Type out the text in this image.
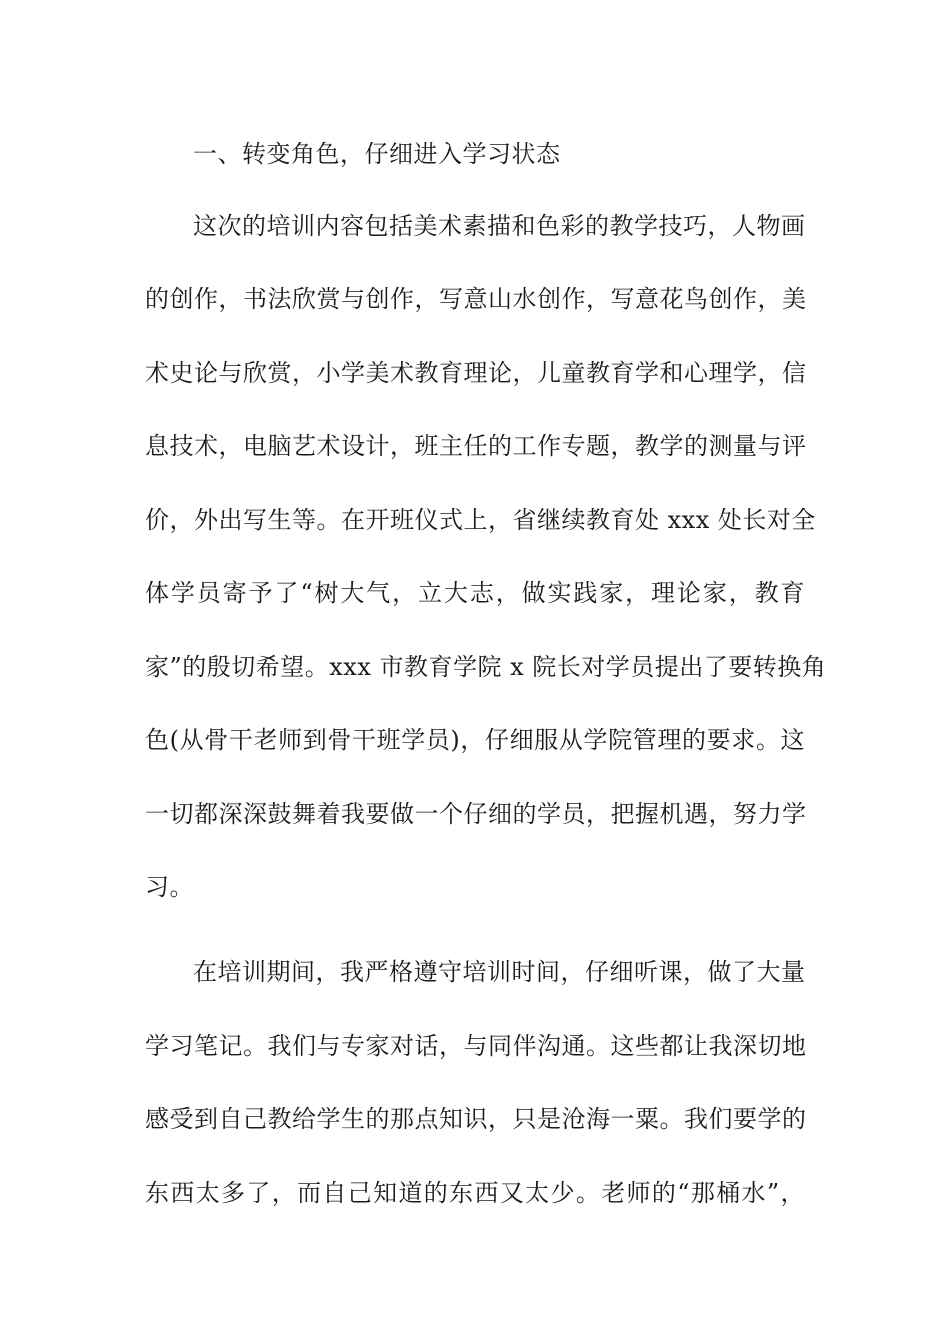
一、转变角色，仔细进入学习状态
这次的培训内容包括美术素描和色彩的教学技巧，人物画
的创作，书法欣赏与创作，写意山水创作，写意花鸟创作，美
术史论与欣赏，小学美术教育理论，儿童教育学和心理学，信
息技术，电脑艺术设计，班主任的工作专题，教学的测量与评
价，外出写生等。在开班仪式上，省继续教育处 xxx 处长对全
体学员寄予了“树大气，立大志，做实践家，理论家，教育
家”的殷切希望。xxx 市教育学院 x 院长对学员提出了要转换角
色(从骨干老师到骨干班学员)，仔细服从学院管理的要求。这
一切都深深鼓舞着我要做一个仔细的学员，把握机遇，努力学
习。
在培训期间，我严格遵守培训时间，仔细听课，做了大量
学习笔记。我们与专家对话，与同伴沟通。这些都让我深切地
感受到自己教给学生的那点知识，只是沧海一粟。我们要学的
东西太多了，而自己知道的东西又太少。老师的“那桶水”，
